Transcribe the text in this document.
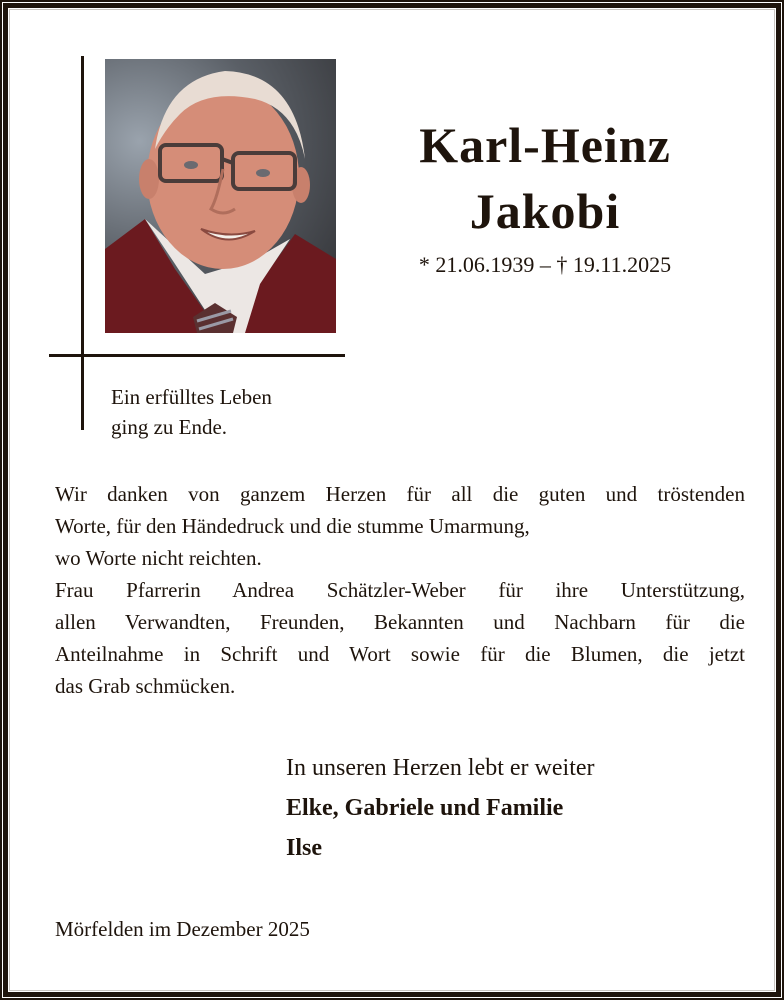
Karl-Heinz
Jakobi
* 21.06.1939 – † 19.11.2025
Ein erfülltes Leben
ging zu Ende.
Wir danken von ganzem Herzen für all die guten und tröstenden
Worte, für den Händedruck und die stumme Umarmung,
wo Worte nicht reichten.
Frau Pfarrerin Andrea Schätzler-Weber für ihre Unterstützung,
allen Verwandten, Freunden, Bekannten und Nachbarn für die
Anteilnahme in Schrift und Wort sowie für die Blumen, die jetzt
das Grab schmücken.
In unseren Herzen lebt er weiter
Elke, Gabriele und Familie
Ilse
Mörfelden im Dezember 2025
